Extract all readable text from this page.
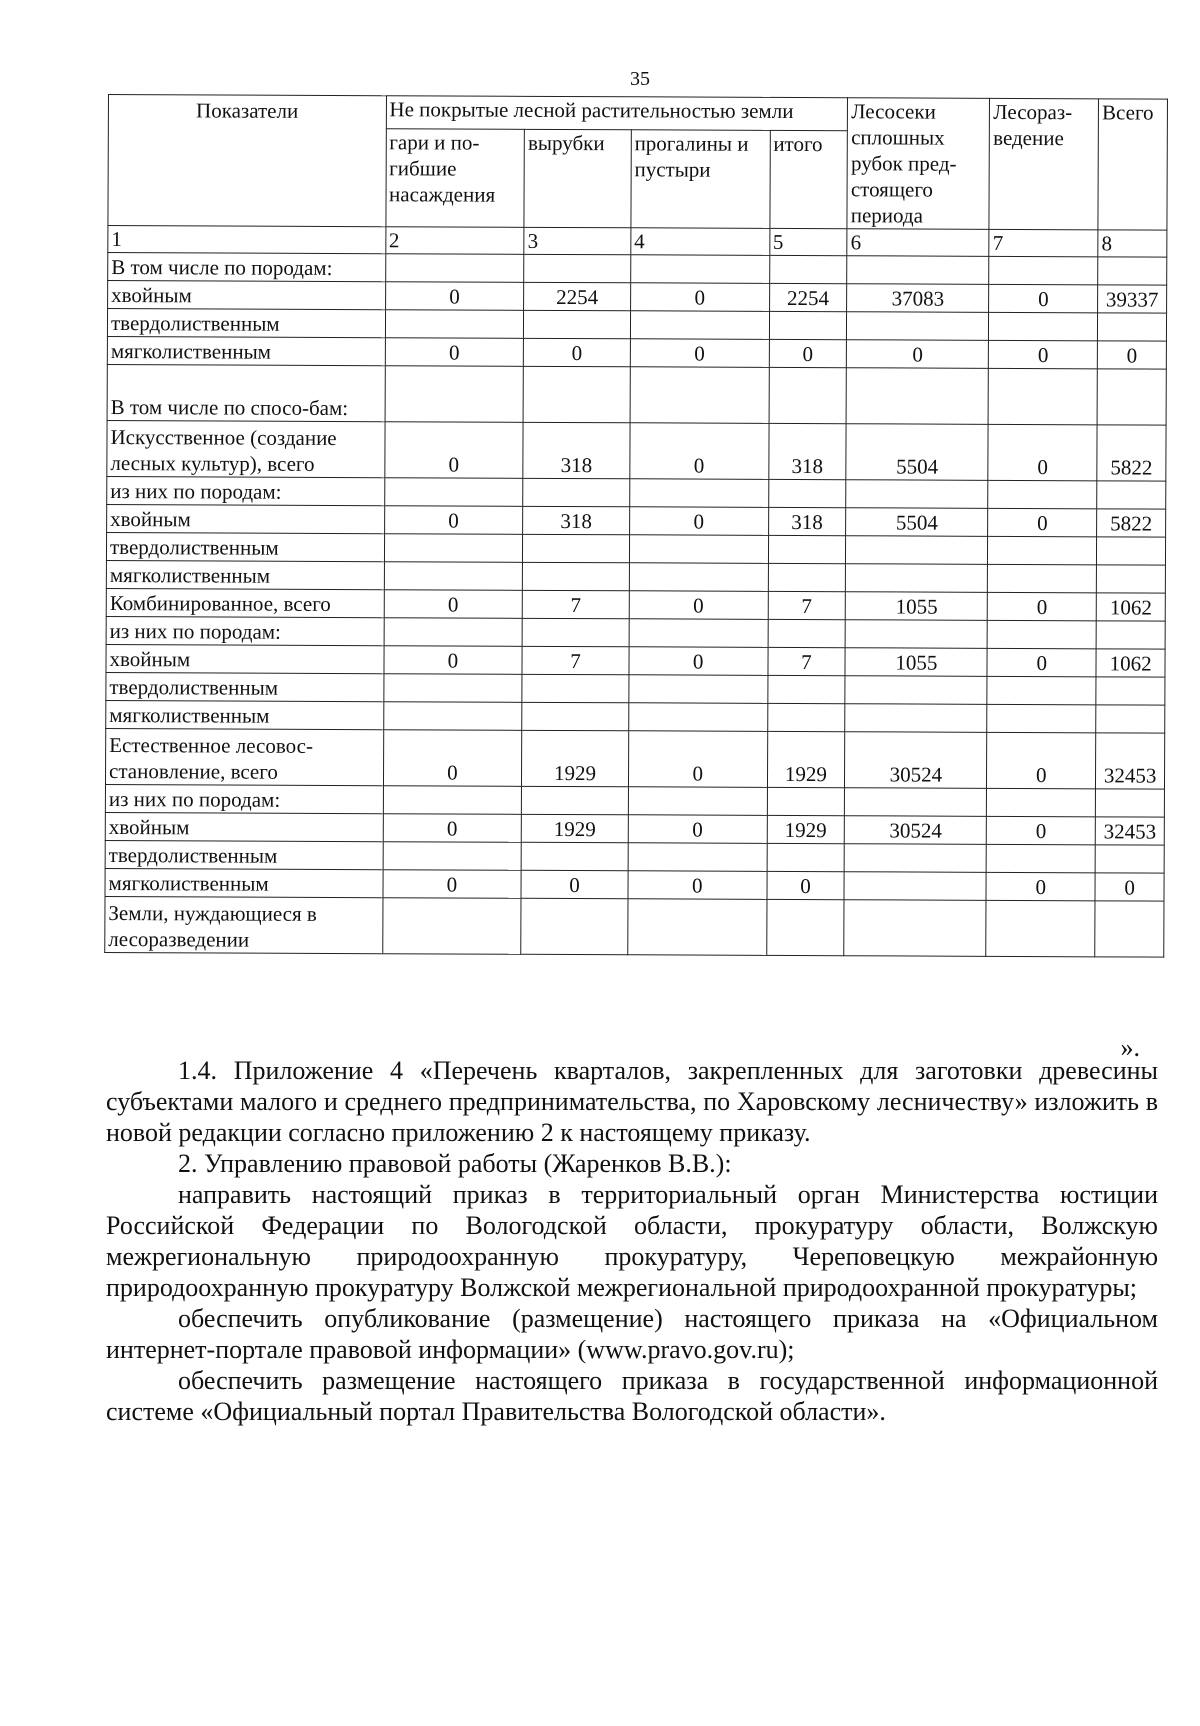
35
Показатели	Не покрытые лесной растительностью земли				Лесосеки сплошных рубок пред-стоящего периода	Лесораз-ведение	Всего
	гари и по-гибшие насаждения	вырубки	прогалины и пустыри	итого			
1	2	3	4	5	6	7	8
В том числе по породам:							
хвойным	0	2254	0	2254	37083	0	39337
твердолиственным							
мягколиственным	0	0	0	0	0	0	0
В том числе по спосо-бам:							
Искусственное (создание лесных культур), всего	0	318	0	318	5504	0	5822
из них по породам:							
хвойным	0	318	0	318	5504	0	5822
твердолиственным							
мягколиственным							
Комбинированное, всего	0	7	0	7	1055	0	1062
из них по породам:							
хвойным	0	7	0	7	1055	0	1062
твердолиственным							
мягколиственным							
Естественное лесовос-становление, всего	0	1929	0	1929	30524	0	32453
из них по породам:							
хвойным	0	1929	0	1929	30524	0	32453
твердолиственным							
мягколиственным	0	0	0	0		0	0
Земли, нуждающиеся в лесоразведении							
».

1.4. Приложение 4 «Перечень кварталов, закрепленных для заготовки древесины субъектами малого и среднего предпринимательства, по Харовскому лесничеству» изложить в новой редакции согласно приложению 2 к настоящему приказу.

2. Управлению правовой работы (Жаренков В.В.):

направить настоящий приказ в территориальный орган Министерства юстиции Российской Федерации по Вологодской области, прокуратуру области, Волжскую межрегиональную природоохранную прокуратуру, Череповецкую межрайонную природоохранную прокуратуру Волжской межрегиональной природоохранной прокуратуры;

обеспечить опубликование (размещение) настоящего приказа на «Официальном интернет-портале правовой информации» (www.pravo.gov.ru);

обеспечить размещение настоящего приказа в государственной информационной системе «Официальный портал Правительства Вологодской области».
